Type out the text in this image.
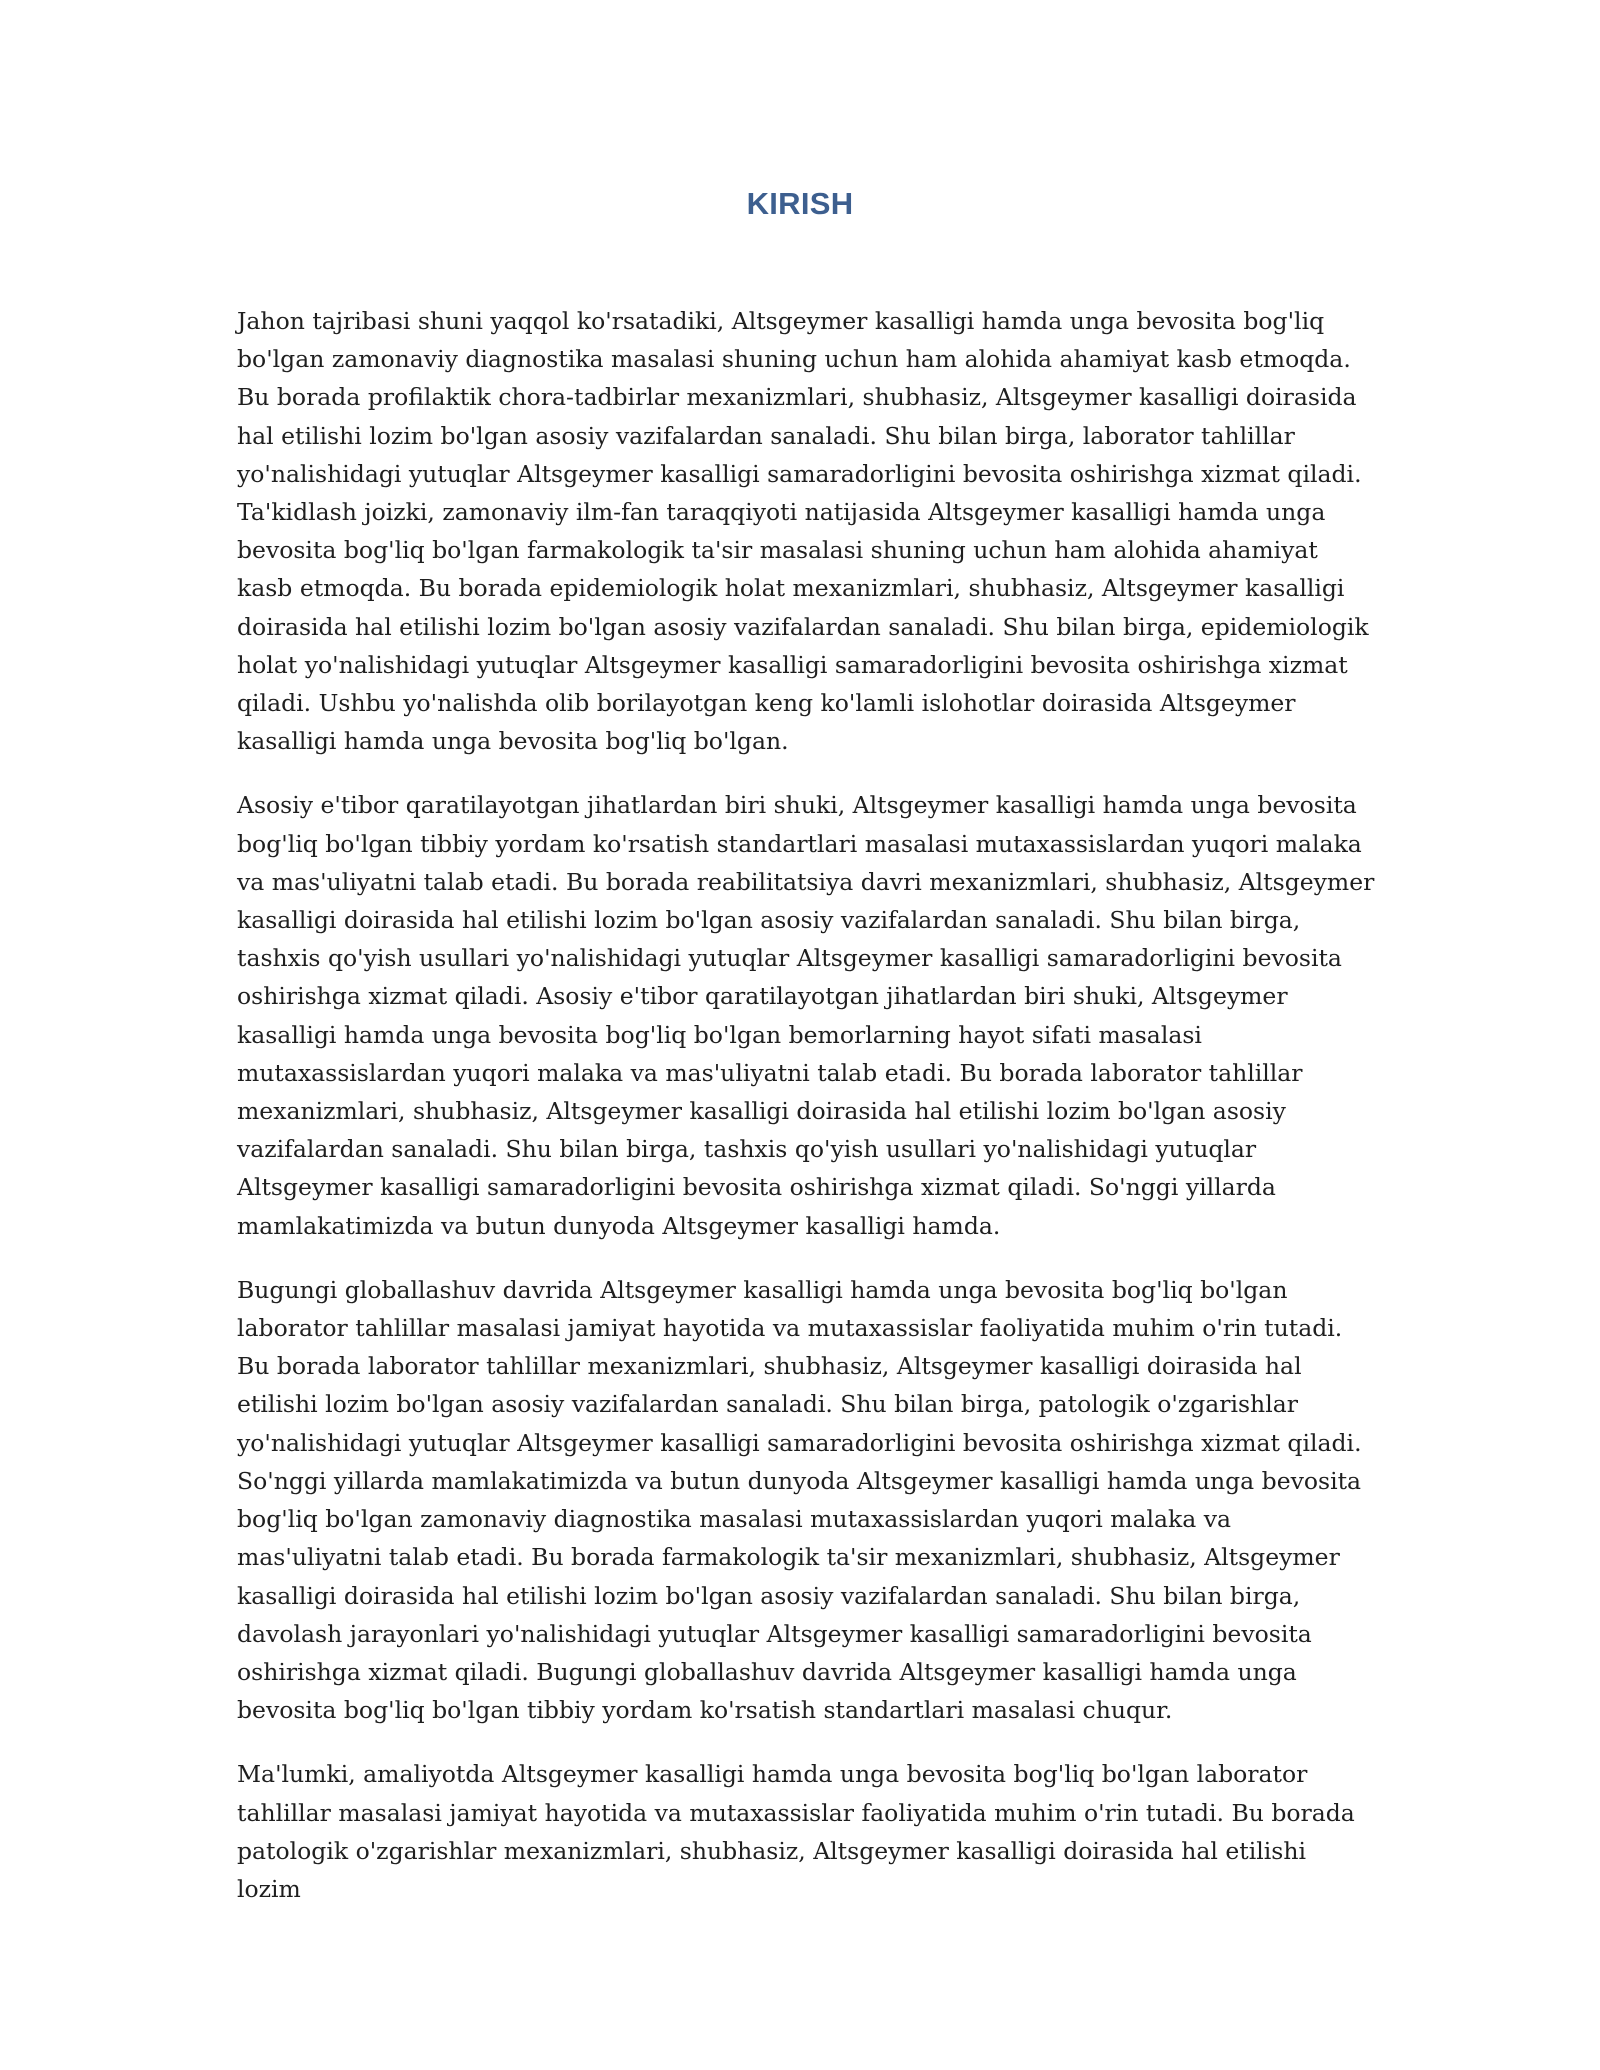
KIRISH

Jahon tajribasi shuni yaqqol ko'rsatadiki, Altsgeymer kasalligi hamda unga bevosita bog'liq bo'lgan zamonaviy diagnostika masalasi shuning uchun ham alohida ahamiyat kasb etmoqda. Bu borada profilaktik chora-tadbirlar mexanizmlari, shubhasiz, Altsgeymer kasalligi doirasida hal etilishi lozim bo'lgan asosiy vazifalardan sanaladi. Shu bilan birga, laborator tahlillar yo'nalishidagi yutuqlar Altsgeymer kasalligi samaradorligini bevosita oshirishga xizmat qiladi. Ta'kidlash joizki, zamonaviy ilm-fan taraqqiyoti natijasida Altsgeymer kasalligi hamda unga bevosita bog'liq bo'lgan farmakologik ta'sir masalasi shuning uchun ham alohida ahamiyat kasb etmoqda. Bu borada epidemiologik holat mexanizmlari, shubhasiz, Altsgeymer kasalligi doirasida hal etilishi lozim bo'lgan asosiy vazifalardan sanaladi. Shu bilan birga, epidemiologik holat yo'nalishidagi yutuqlar Altsgeymer kasalligi samaradorligini bevosita oshirishga xizmat qiladi. Ushbu yo'nalishda olib borilayotgan keng ko'lamli islohotlar doirasida Altsgeymer kasalligi hamda unga bevosita bog'liq bo'lgan.

Asosiy e'tibor qaratilayotgan jihatlardan biri shuki, Altsgeymer kasalligi hamda unga bevosita bog'liq bo'lgan tibbiy yordam ko'rsatish standartlari masalasi mutaxassislardan yuqori malaka va mas'uliyatni talab etadi. Bu borada reabilitatsiya davri mexanizmlari, shubhasiz, Altsgeymer kasalligi doirasida hal etilishi lozim bo'lgan asosiy vazifalardan sanaladi. Shu bilan birga, tashxis qo'yish usullari yo'nalishidagi yutuqlar Altsgeymer kasalligi samaradorligini bevosita oshirishga xizmat qiladi. Asosiy e'tibor qaratilayotgan jihatlardan biri shuki, Altsgeymer kasalligi hamda unga bevosita bog'liq bo'lgan bemorlarning hayot sifati masalasi mutaxassislardan yuqori malaka va mas'uliyatni talab etadi. Bu borada laborator tahlillar mexanizmlari, shubhasiz, Altsgeymer kasalligi doirasida hal etilishi lozim bo'lgan asosiy vazifalardan sanaladi. Shu bilan birga, tashxis qo'yish usullari yo'nalishidagi yutuqlar Altsgeymer kasalligi samaradorligini bevosita oshirishga xizmat qiladi. So'nggi yillarda mamlakatimizda va butun dunyoda Altsgeymer kasalligi hamda.

Bugungi globallashuv davrida Altsgeymer kasalligi hamda unga bevosita bog'liq bo'lgan laborator tahlillar masalasi jamiyat hayotida va mutaxassislar faoliyatida muhim o'rin tutadi. Bu borada laborator tahlillar mexanizmlari, shubhasiz, Altsgeymer kasalligi doirasida hal etilishi lozim bo'lgan asosiy vazifalardan sanaladi. Shu bilan birga, patologik o'zgarishlar yo'nalishidagi yutuqlar Altsgeymer kasalligi samaradorligini bevosita oshirishga xizmat qiladi. So'nggi yillarda mamlakatimizda va butun dunyoda Altsgeymer kasalligi hamda unga bevosita bog'liq bo'lgan zamonaviy diagnostika masalasi mutaxassislardan yuqori malaka va mas'uliyatni talab etadi. Bu borada farmakologik ta'sir mexanizmlari, shubhasiz, Altsgeymer kasalligi doirasida hal etilishi lozim bo'lgan asosiy vazifalardan sanaladi. Shu bilan birga, davolash jarayonlari yo'nalishidagi yutuqlar Altsgeymer kasalligi samaradorligini bevosita oshirishga xizmat qiladi. Bugungi globallashuv davrida Altsgeymer kasalligi hamda unga bevosita bog'liq bo'lgan tibbiy yordam ko'rsatish standartlari masalasi chuqur.

Ma'lumki, amaliyotda Altsgeymer kasalligi hamda unga bevosita bog'liq bo'lgan laborator tahlillar masalasi jamiyat hayotida va mutaxassislar faoliyatida muhim o'rin tutadi. Bu borada patologik o'zgarishlar mexanizmlari, shubhasiz, Altsgeymer kasalligi doirasida hal etilishi lozim
